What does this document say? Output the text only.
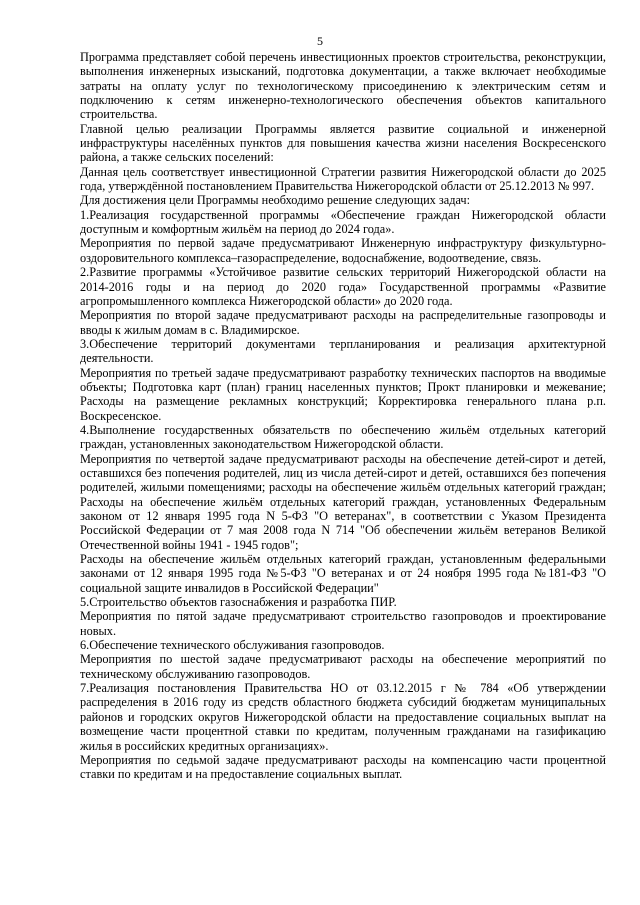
5

Программа представляет собой перечень инвестиционных проектов строительства, реконструкции, выполнения инженерных изысканий, подготовка документации, а также включает необходимые затраты на оплату услуг по технологическому присоединению к электрическим сетям и подключению к сетям инженерно-технологического обеспечения объектов капитального строительства.

Главной целью реализации Программы является развитие социальной и инженерной инфраструктуры населённых пунктов для повышения качества жизни населения Воскресенского района, а также сельских поселений:

Данная цель соответствует инвестиционной Стратегии развития Нижегородской области до 2025 года, утверждённой постановлением Правительства Нижегородской области от 25.12.2013 № 997.

Для достижения цели Программы необходимо решение следующих задач:

1.Реализация государственной программы «Обеспечение граждан Нижегородской области доступным и комфортным жильём на период до 2024 года».

Мероприятия по первой задаче предусматривают Инженерную инфраструктуру физкультурно-оздоровительного комплекса–газораспределение, водоснабжение, водоотведение, связь.

2.Развитие программы «Устойчивое развитие сельских территорий Нижегородской области на 2014-2016 годы и на период до 2020 года» Государственной программы «Развитие агропромышленного комплекса Нижегородской области» до 2020 года.

Мероприятия по второй задаче предусматривают расходы на распределительные газопроводы и вводы к жилым домам в с. Владимирское.

3.Обеспечение территорий документами терпланирования и реализация архитектурной деятельности.

Мероприятия по третьей задаче предусматривают разработку технических паспортов на вводимые объекты; Подготовка карт (план) границ населенных пунктов; Прокт планировки и межевание; Расходы на размещение рекламных конструкций; Корректировка генерального плана р.п. Воскресенское.

4.Выполнение государственных обязательств по обеспечению жильём отдельных категорий граждан, установленных законодательством Нижегородской области.

Мероприятия по четвертой задаче предусматривают расходы на обеспечение детей-сирот и детей, оставшихся без попечения родителей, лиц из числа детей-сирот и детей, оставшихся без попечения родителей, жилыми помещениями; расходы на обеспечение жильём отдельных категорий граждан; Расходы на обеспечение жильём отдельных категорий граждан, установленных Федеральным законом от 12 января 1995 года N 5-ФЗ "О ветеранах", в соответствии с Указом Президента Российской Федерации от 7 мая 2008 года N 714 "Об обеспечении жильём ветеранов Великой Отечественной войны 1941 - 1945 годов";

Расходы на обеспечение жильём отдельных категорий граждан, установленным федеральными законами от 12 января 1995 года №5-ФЗ "О ветеранах и от 24 ноября 1995 года №181-ФЗ "О социальной защите инвалидов в Российской Федерации"

5.Строительство объектов газоснабжения и разработка ПИР.

Мероприятия по пятой задаче предусматривают строительство газопроводов и проектирование новых.

6.Обеспечение технического обслуживания газопроводов.

Мероприятия по шестой задаче предусматривают расходы на обеспечение мероприятий по техническому обслуживанию газопроводов.

7.Реализация постановления Правительства НО от 03.12.2015 г № 784 «Об утверждении распределения в 2016 году из средств областного бюджета субсидий бюджетам муниципальных районов и городских округов Нижегородской области на предоставление социальных выплат на возмещение части процентной ставки по кредитам, полученным гражданами на газификацию жилья в российских кредитных организациях».

Мероприятия по седьмой задаче предусматривают расходы на компенсацию части процентной ставки по кредитам и на предоставление социальных выплат.
